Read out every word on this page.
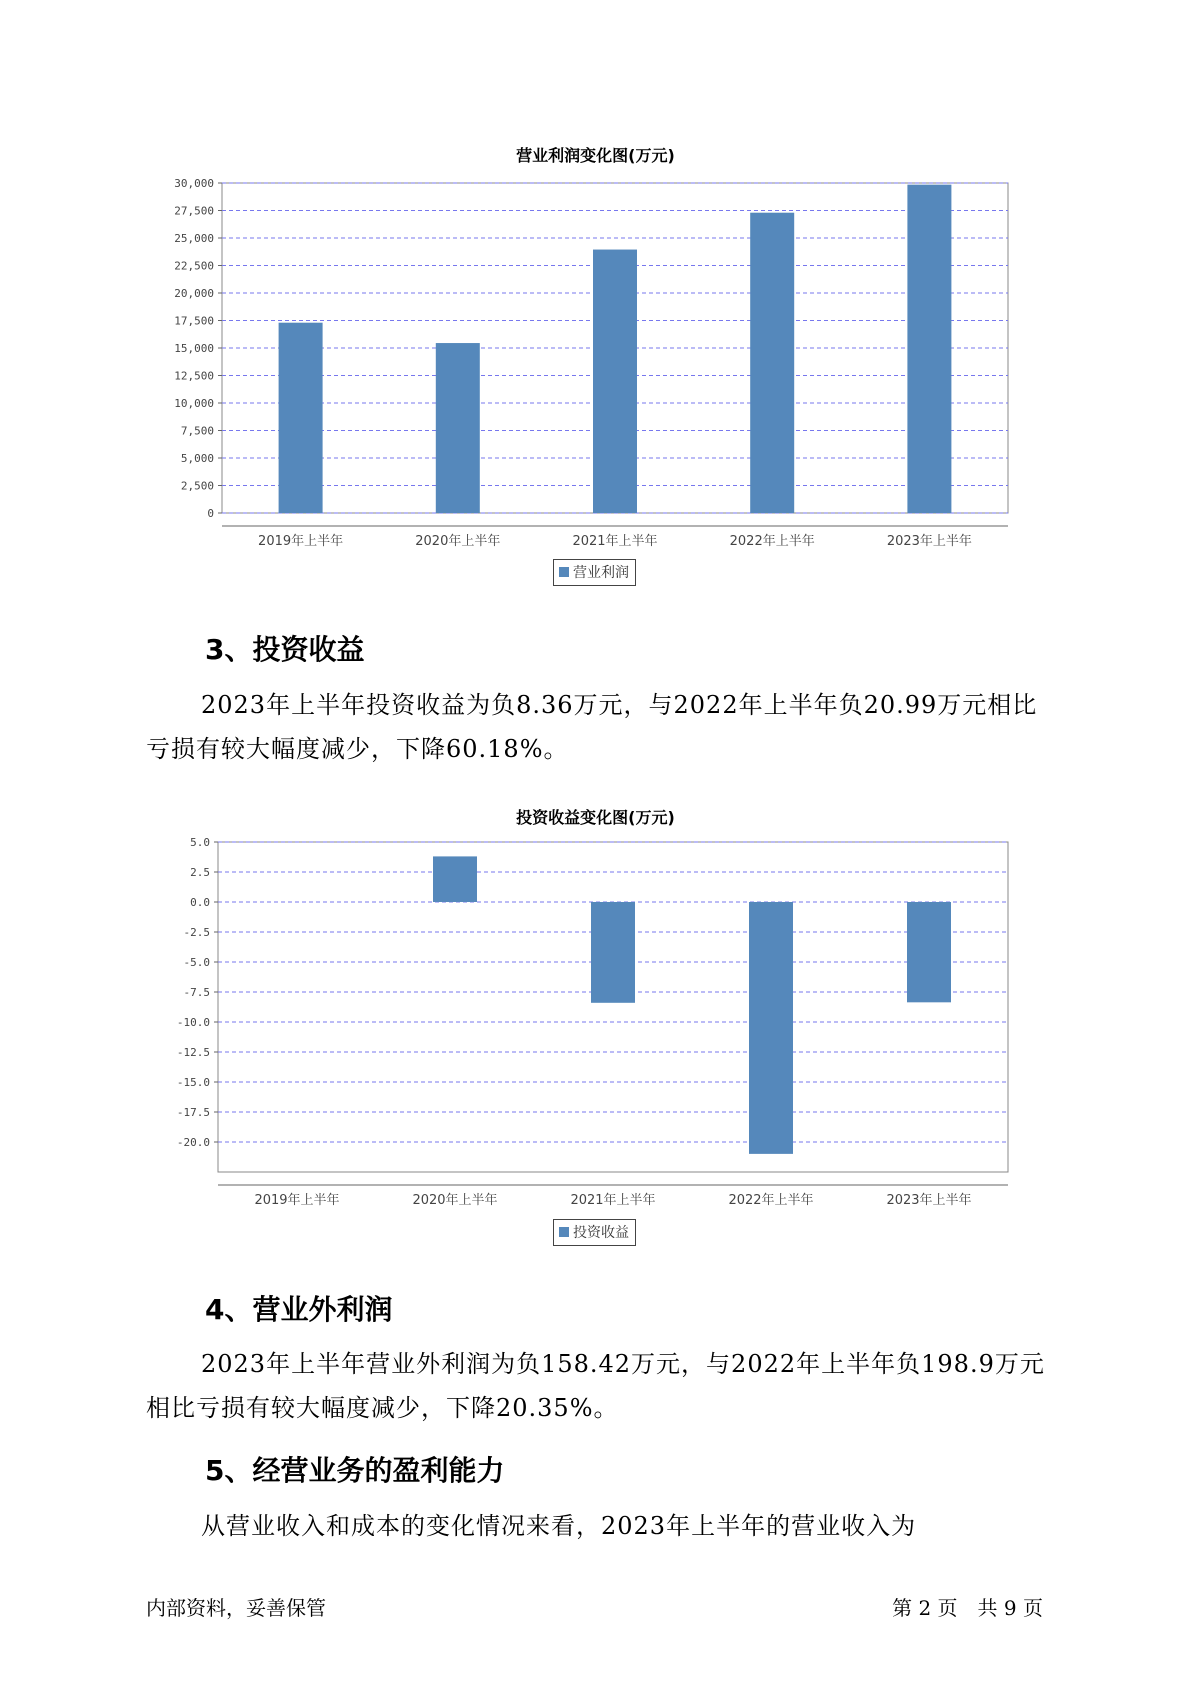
营业利润变化图(万元)
0
2,500
5,000
7,500
10,000
12,500
15,000
17,500
20,000
22,500
25,000
27,500
30,000
2019年上半年	2020年上半年	2021年上半年	2022年上半年	2023年上半年
营业利润
3、投资收益
2023年上半年投资收益为负8.36万元，与2022年上半年负20.99万元相比亏损有较大幅度减少，下降60.18%。
投资收益变化图(万元)
5.0
2.5
0.0
-2.5
-5.0
-7.5
-10.0
-12.5
-15.0
-17.5
-20.0
2019年上半年	2020年上半年	2021年上半年	2022年上半年	2023年上半年
投资收益
4、营业外利润
2023年上半年营业外利润为负158.42万元，与2022年上半年负198.9万元相比亏损有较大幅度减少，下降20.35%。
5、经营业务的盈利能力
从营业收入和成本的变化情况来看，2023年上半年的营业收入为
内部资料，妥善保管	第 2 页　共 9 页
